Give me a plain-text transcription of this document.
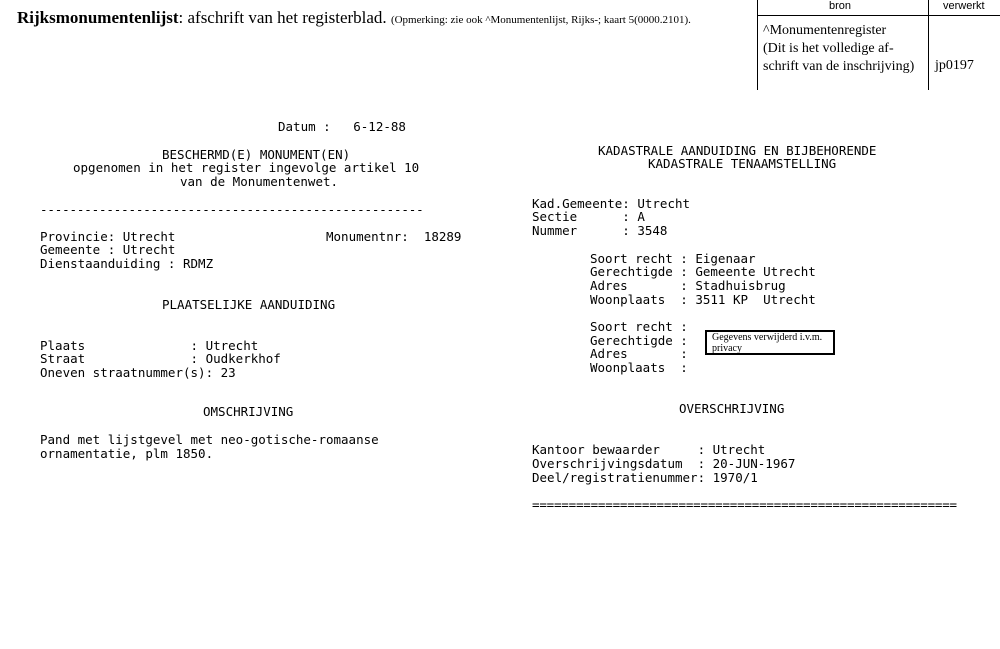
Rijksmonumentenlijst: afschrift van het registerblad. (Opmerking: zie ook ^Monumentenlijst, Rijks-; kaart 5(0000.2101).
bron	verwerkt
^Monumentenregister
(Dit is het volledige af-
schrift van de inschrijving) jp0197
Datum :   6-12-88
BESCHERMD(E) MONUMENT(EN)
opgenomen in het register ingevolge artikel 10
van de Monumentenwet.
----------------------------------------------------
Provincie: Utrecht	Monumentnr:  18289
Gemeente : Utrecht
Dienstaanduiding : RDMZ
PLAATSELIJKE AANDUIDING
Plaats              : Utrecht
Straat              : Oudkerkhof
Oneven straatnummer(s): 23
OMSCHRIJVING
Pand met lijstgevel met neo-gotische-romaanse
ornamentatie, plm 1850.
KADASTRALE AANDUIDING EN BIJBEHORENDE
KADASTRALE TENAAMSTELLING
Kad.Gemeente: Utrecht
Sectie      : A
Nummer      : 3548
Soort recht : Eigenaar
Gerechtigde : Gemeente Utrecht
Adres       : Stadhuisbrug
Woonplaats  : 3511 KP  Utrecht
Soort recht :
Gerechtigde :
Adres       :
Woonplaats  :
Gegevens verwijderd i.v.m.
privacy
OVERSCHRIJVING
Kantoor bewaarder     : Utrecht
Overschrijvingsdatum  : 20-JUN-1967
Deel/registratienummer: 1970/1
==========================================================
